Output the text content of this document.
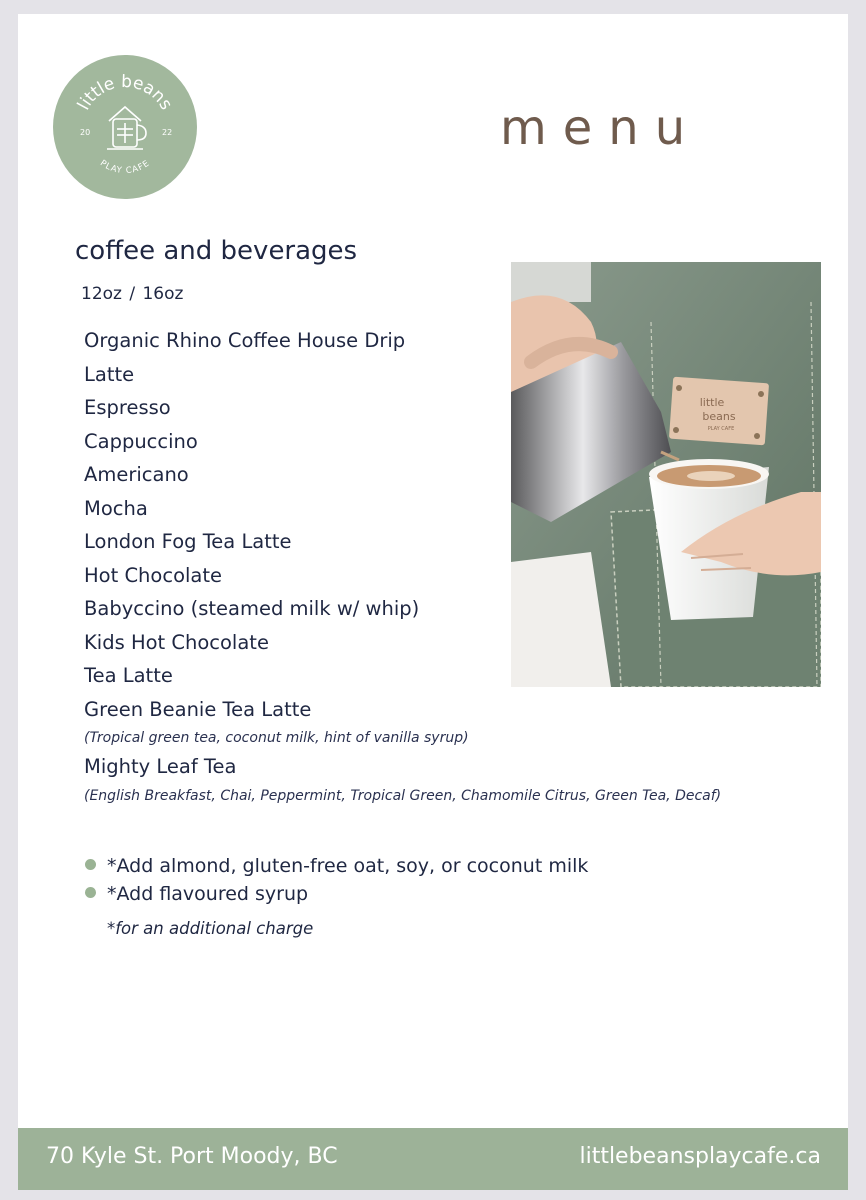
little beans
PLAY CAFE
20	22	menu
coffee and beverages
12oz / 16oz
Organic Rhino Coffee House Drip
Latte
Espresso
Cappuccino
Americano
Mocha
London Fog Tea Latte
Hot Chocolate
Babyccino (steamed milk w/ whip)
Kids Hot Chocolate
Tea Latte
Green Beanie Tea Latte
(Tropical green tea, coconut milk, hint of vanilla syrup)
Mighty Leaf Tea
(English Breakfast, Chai, Peppermint, Tropical Green, Chamomile Citrus, Green Tea, Decaf)
little
beans
PLAY CAFE
*Add almond, gluten-free oat, soy, or coconut milk
*Add flavoured syrup
*for an additional charge
70 Kyle St. Port Moody, BC	littlebeansplaycafe.ca
